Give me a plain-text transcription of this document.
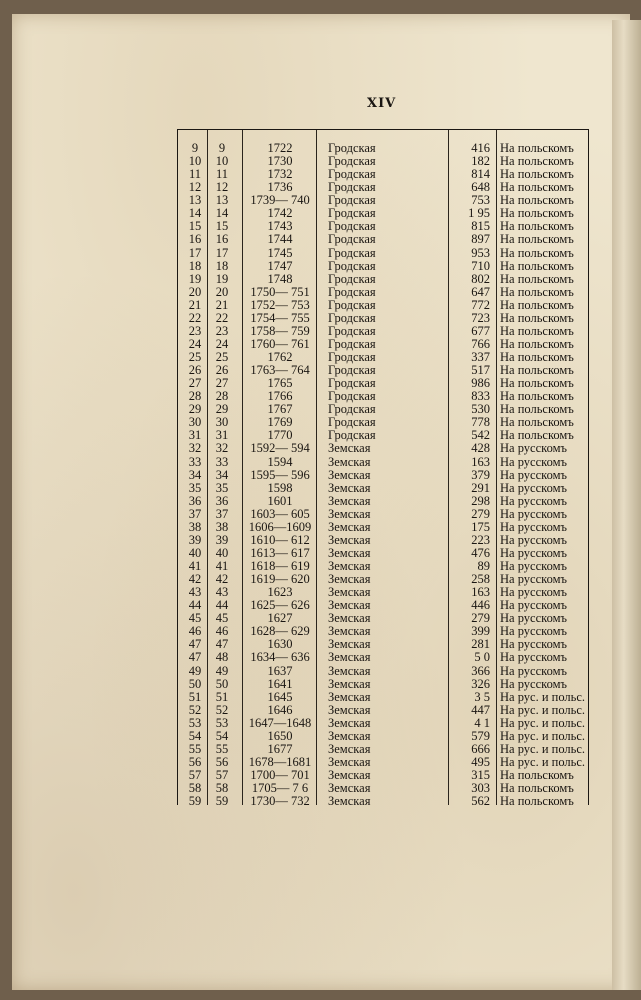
XIV
9	9	1722	Гродская	416 На польскомъ
10	10	1730	Гродская	182 На польскомъ
11	11	1732	Гродская	814 На польскомъ
12	12	1736	Гродская	648 На польскомъ
13	13	1739— 740	Гродская	753 На польскомъ
14	14	1742	Гродская	1 95 На польскомъ
15	15	1743	Гродская	815 На польскомъ
16	16	1744	Гродская	897 На польскомъ
17	17	1745	Гродская	953 На польскомъ
18	18	1747	Гродская	710 На польскомъ
19	19	1748	Гродская	802 На польскомъ
20	20	1750— 751	Гродская	647 На польскомъ
21	21	1752— 753	Гродская	772 На польскомъ
22	22	1754— 755	Гродская	723 На польскомъ
23	23	1758— 759	Гродская	677 На польскомъ
24	24	1760— 761	Гродская	766 На польскомъ
25	25	1762	Гродская	337 На польскомъ
26	26	1763— 764	Гродская	517 На польскомъ
27	27	1765	Гродская	986 На польскомъ
28	28	1766	Гродская	833 На польскомъ
29	29	1767	Гродская	530 На польскомъ
30	30	1769	Гродская	778 На польскомъ
31	31	1770	Гродская	542 На польскомъ
32	32	1592— 594	Земская	428 На русскомъ
33	33	1594	Земская	163 На русскомъ
34	34	1595— 596	Земская	379 На русскомъ
35	35	1598	Земская	291 На русскомъ
36	36	1601	Земская	298 На русскомъ
37	37	1603— 605	Земская	279 На русскомъ
38	38	1606—1609	Земская	175 На русскомъ
39	39	1610— 612	Земская	223 На русскомъ
40	40	1613— 617	Земская	476 На русскомъ
41	41	1618— 619	Земская	89 На русскомъ
42	42	1619— 620	Земская	258 На русскомъ
43	43	1623	Земская	163 На русскомъ
44	44	1625— 626	Земская	446 На русскомъ
45	45	1627	Земская	279 На русскомъ
46	46	1628— 629	Земская	399 На русскомъ
47	47	1630	Земская	281 На русскомъ
47	48	1634— 636	Земская	5 0 На русскомъ
49	49	1637	Земская	366 На русскомъ
50	50	1641	Земская	326 На русскомъ
51	51	1645	Земская	3 5 На рус. и польс.
52	52	1646	Земская	447 На рус. и польс.
53	53	1647—1648	Земская	4 1 На рус. и польс.
54	54	1650	Земская	579 На рус. и польс.
55	55	1677	Земская	666 На рус. и польс.
56	56	1678—1681	Земская	495 На рус. и польс.
57	57	1700— 701	Земская	315 На польскомъ
58	58	1705— 7 6	Земская	303 На польскомъ
59	59	1730— 732	Земская	562 На польскомъ
